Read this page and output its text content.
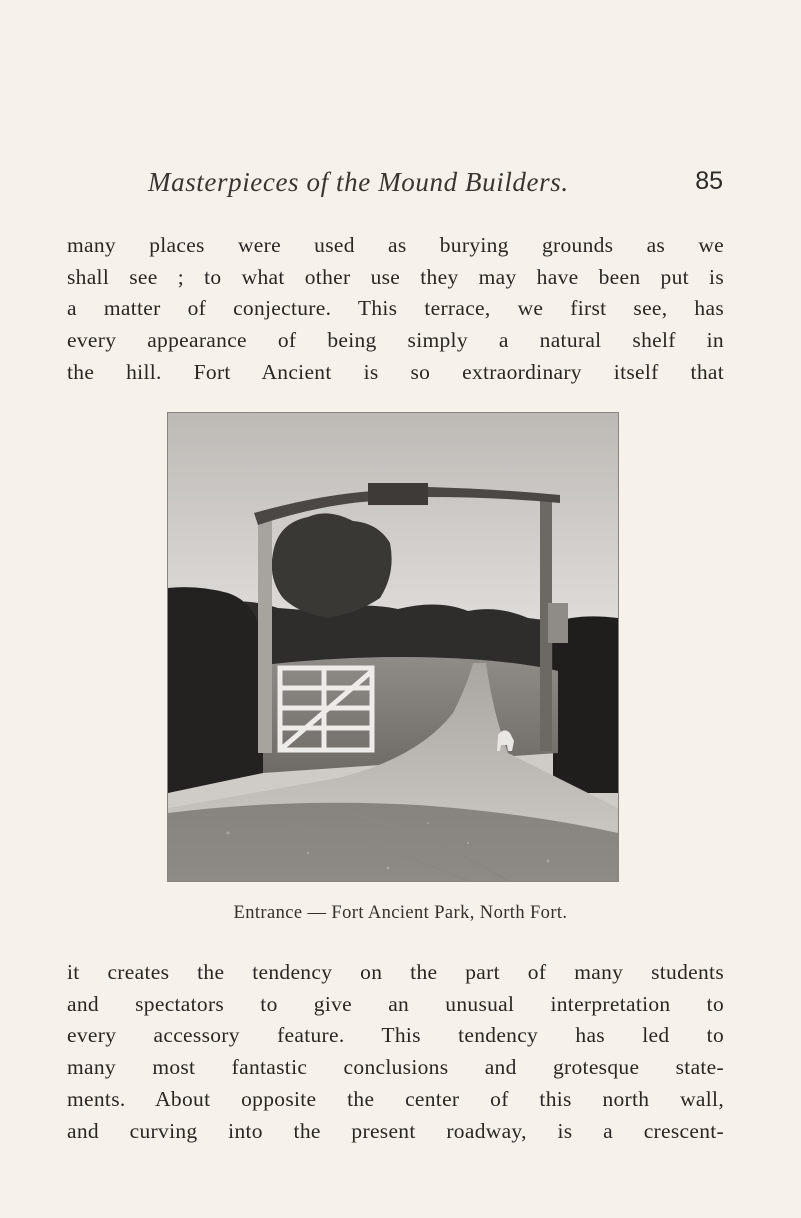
Masterpieces of the Mound Builders.	85
many places were used as burying grounds as we
shall see ; to what other use they may have been put is
a matter of conjecture. This terrace, we first see, has
every appearance of being simply a natural shelf in
the hill. Fort Ancient is so extraordinary itself that
Entrance — Fort Ancient Park, North Fort.
it creates the tendency on the part of many students
and spectators to give an unusual interpretation to
every accessory feature. This tendency has led to
many most fantastic conclusions and grotesque state-
ments. About opposite the center of this north wall,
and curving into the present roadway, is a crescent-
